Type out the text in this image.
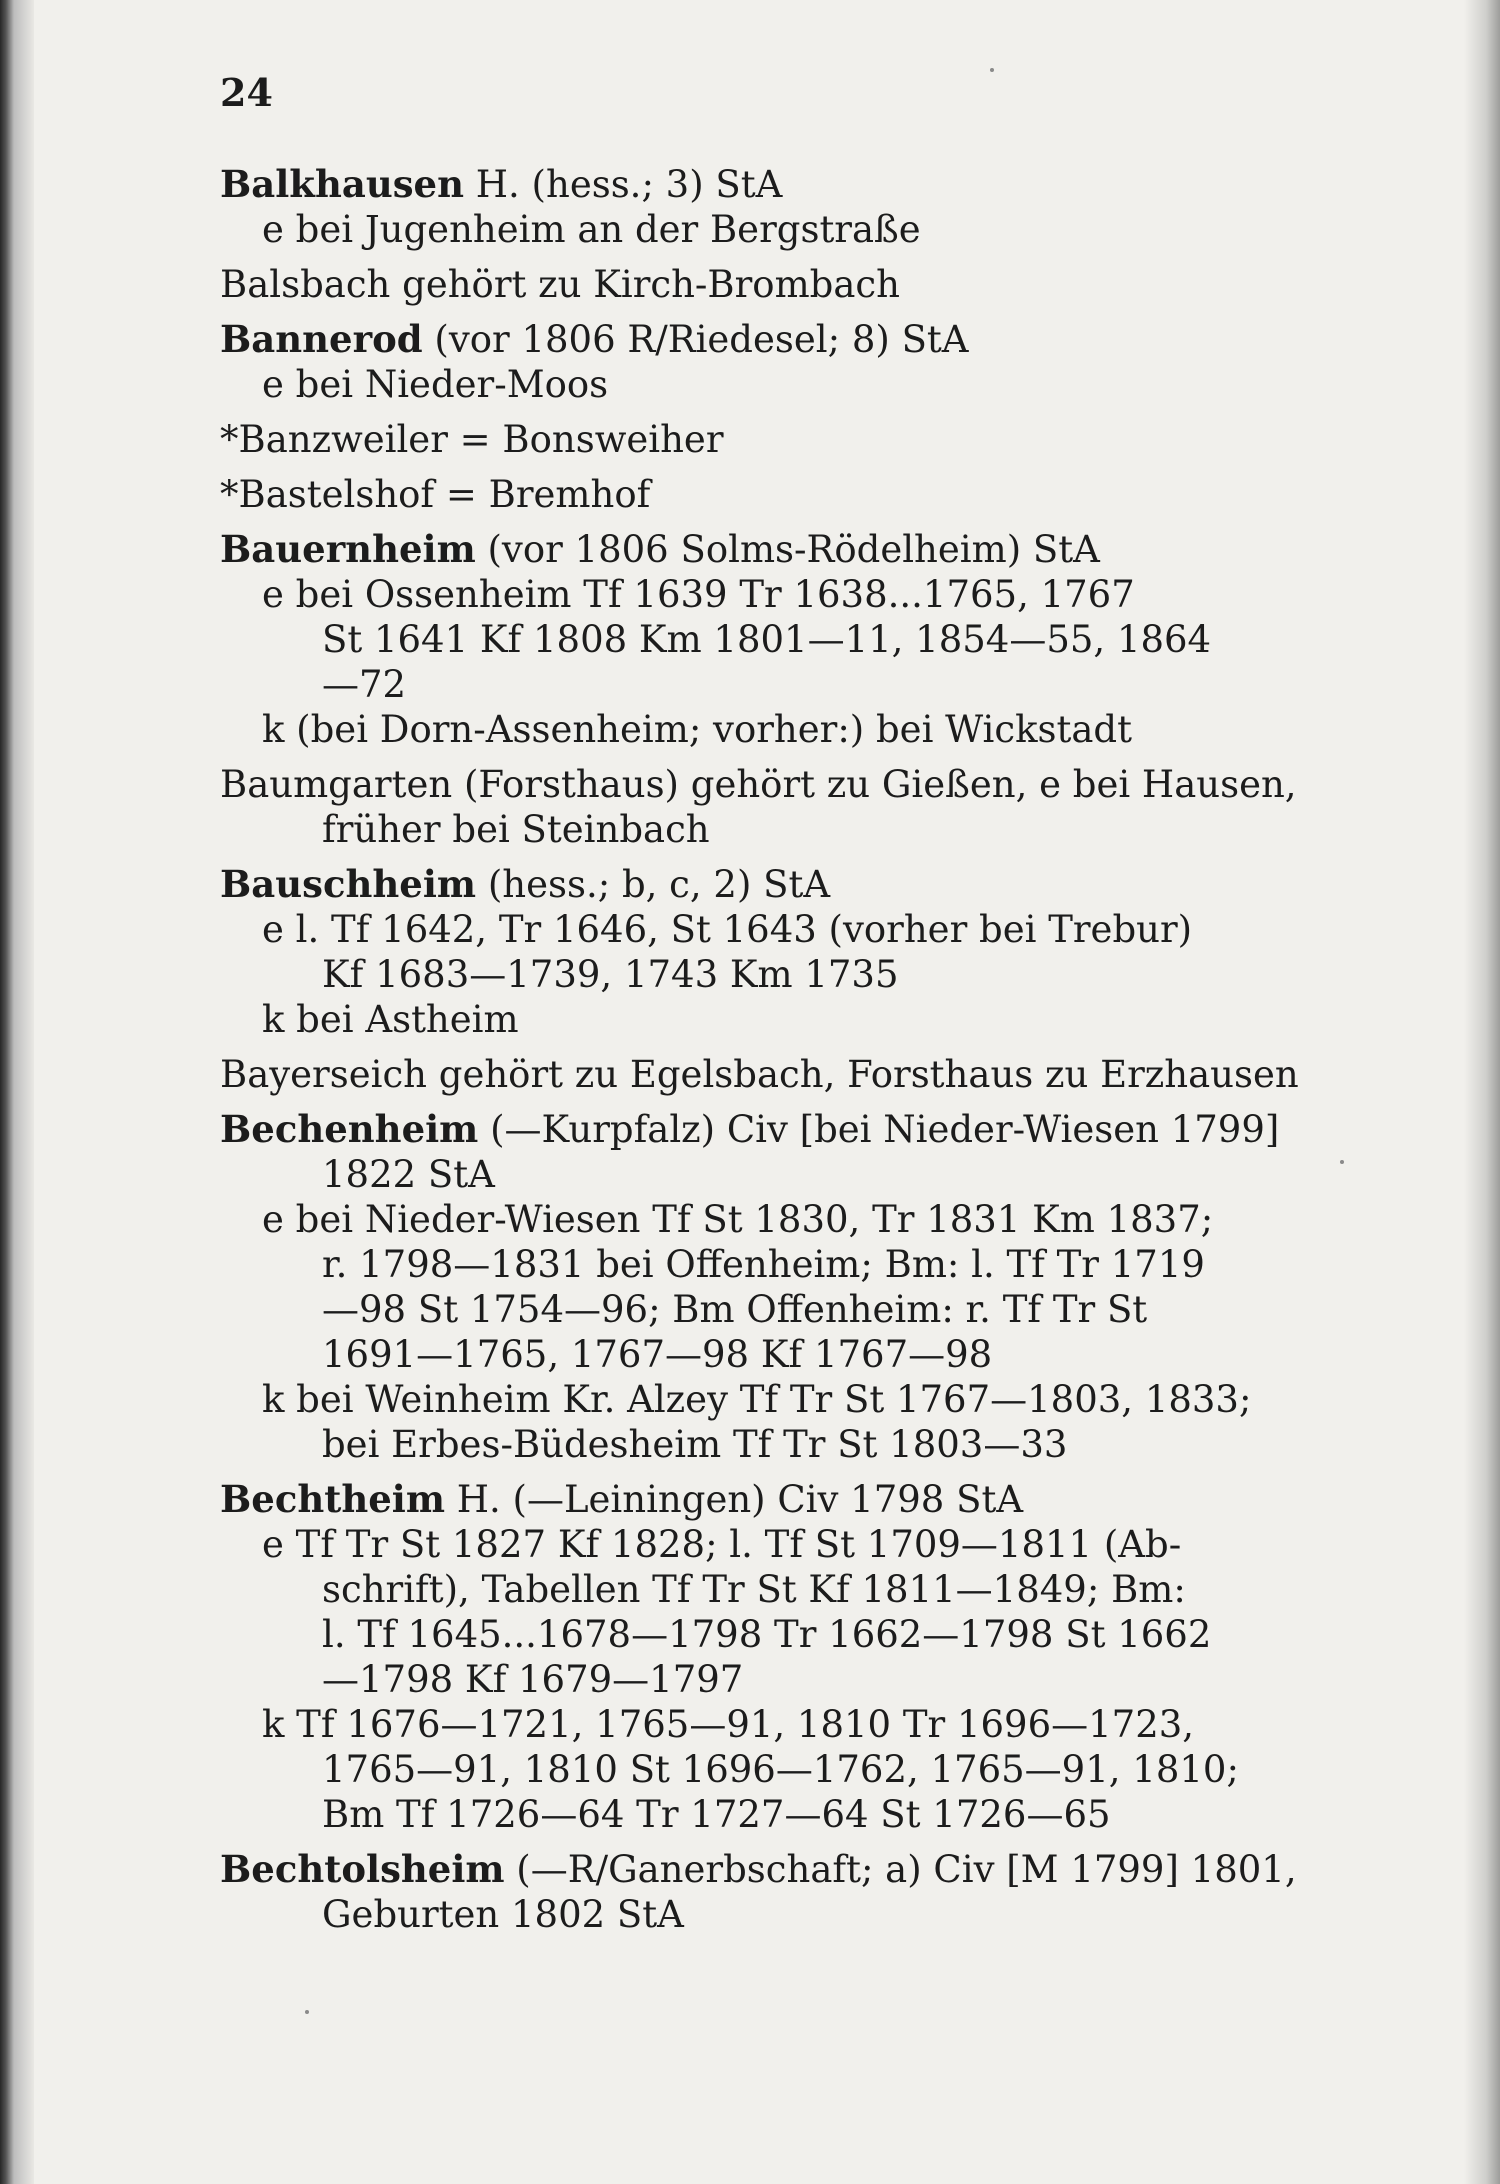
24
Balkhausen H. (hess.; 3) StA
e bei Jugenheim an der Bergstraße
Balsbach gehört zu Kirch-Brombach
Bannerod (vor 1806 R/Riedesel; 8) StA
e bei Nieder-Moos
*Banzweiler = Bonsweiher
*Bastelshof = Bremhof
Bauernheim (vor 1806 Solms-Rödelheim) StA
e bei Ossenheim Tf 1639 Tr 1638...1765, 1767
St 1641 Kf 1808 Km 1801—11, 1854—55, 1864
—72
k (bei Dorn-Assenheim; vorher:) bei Wickstadt
Baumgarten (Forsthaus) gehört zu Gießen, e bei Hausen,
früher bei Steinbach
Bauschheim (hess.; b, c, 2) StA
e l. Tf 1642, Tr 1646, St 1643 (vorher bei Trebur)
Kf 1683—1739, 1743 Km 1735
k bei Astheim
Bayerseich gehört zu Egelsbach, Forsthaus zu Erzhausen
Bechenheim (—Kurpfalz) Civ [bei Nieder-Wiesen 1799]
1822 StA
e bei Nieder-Wiesen Tf St 1830, Tr 1831 Km 1837;
r. 1798—1831 bei Offenheim; Bm: l. Tf Tr 1719
—98 St 1754—96; Bm Offenheim: r. Tf Tr St
1691—1765, 1767—98 Kf 1767—98
k bei Weinheim Kr. Alzey Tf Tr St 1767—1803, 1833;
bei Erbes-Büdesheim Tf Tr St 1803—33
Bechtheim H. (—Leiningen) Civ 1798 StA
e Tf Tr St 1827 Kf 1828; l. Tf St 1709—1811 (Ab-
schrift), Tabellen Tf Tr St Kf 1811—1849; Bm:
l. Tf 1645...1678—1798 Tr 1662—1798 St 1662
—1798 Kf 1679—1797
k Tf 1676—1721, 1765—91, 1810 Tr 1696—1723,
1765—91, 1810 St 1696—1762, 1765—91, 1810;
Bm Tf 1726—64 Tr 1727—64 St 1726—65
Bechtolsheim (—R/Ganerbschaft; a) Civ [M 1799] 1801,
Geburten 1802 StA
